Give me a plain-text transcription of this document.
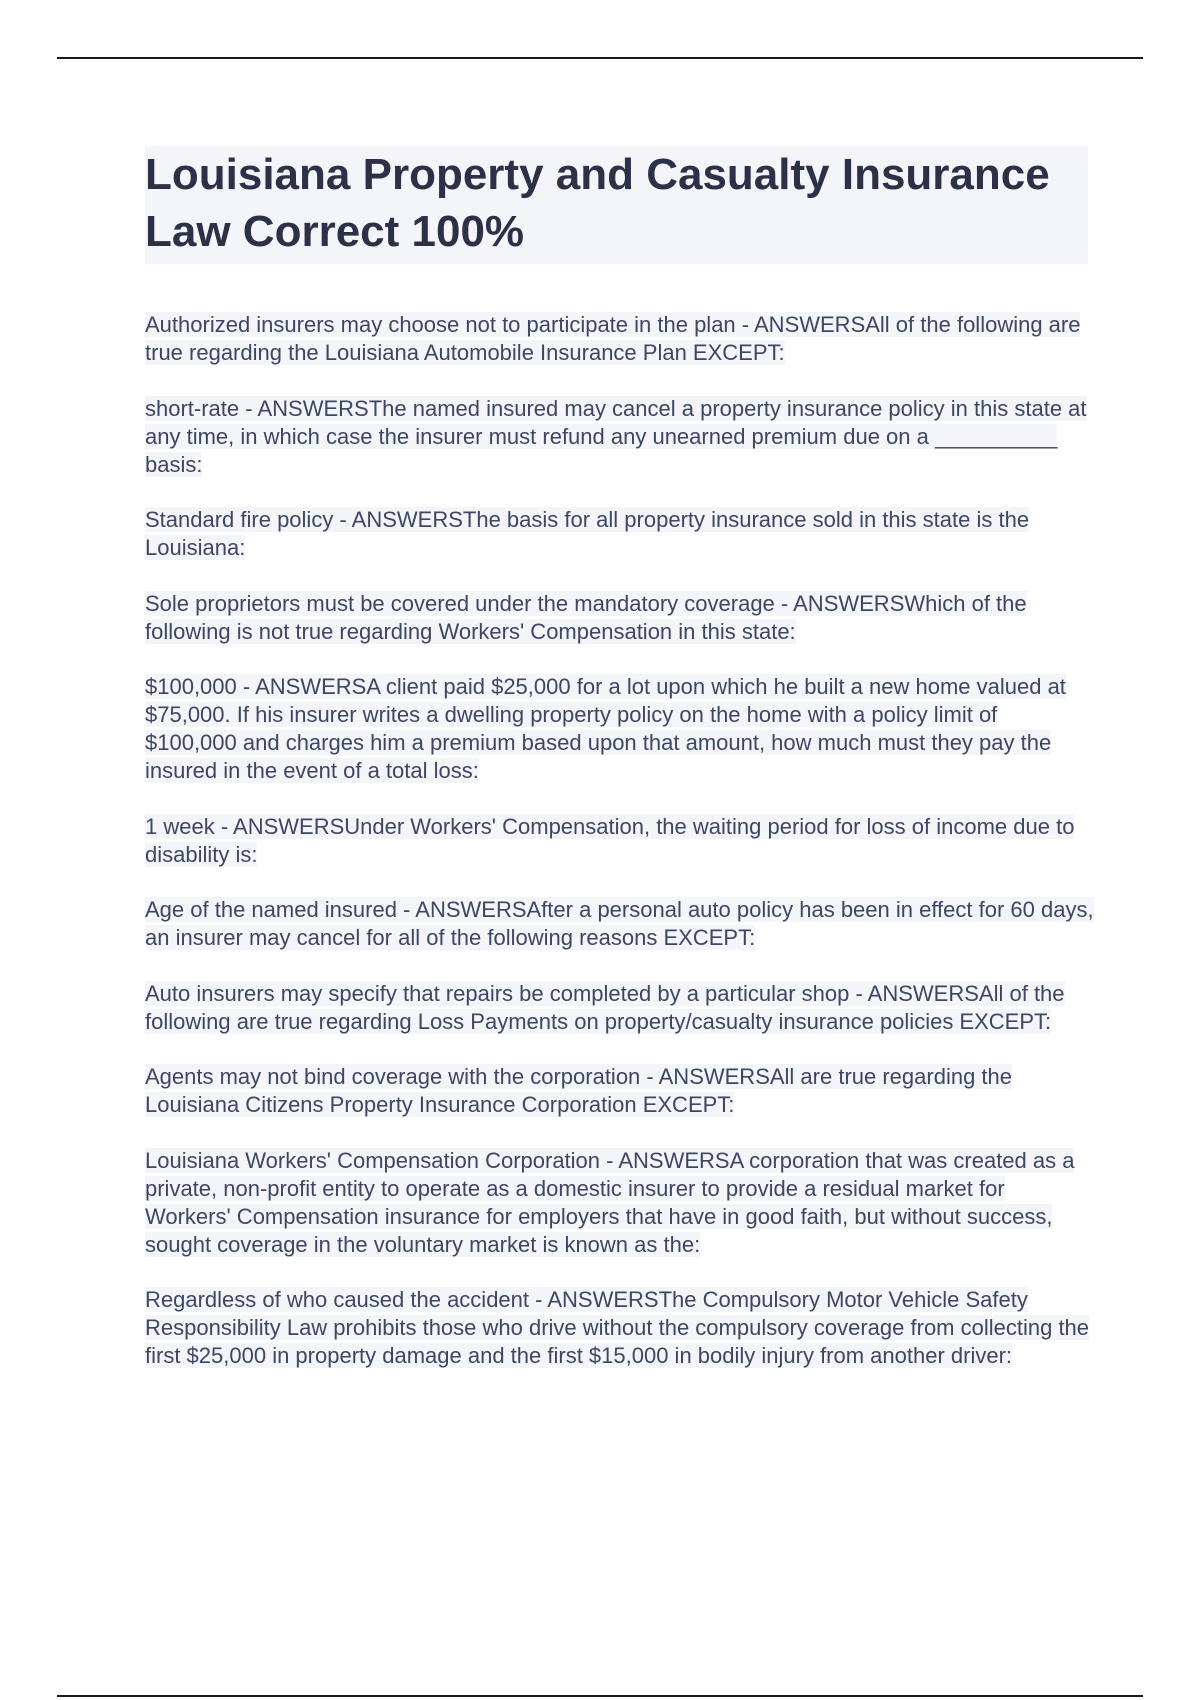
Louisiana Property and Casualty Insurance Law Correct 100%

Authorized insurers may choose not to participate in the plan - ANSWERSAll of the following are true regarding the Louisiana Automobile Insurance Plan EXCEPT:

short-rate - ANSWERSThe named insured may cancel a property insurance policy in this state at any time, in which case the insurer must refund any unearned premium due on a __________ basis:

Standard fire policy - ANSWERSThe basis for all property insurance sold in this state is the Louisiana:

Sole proprietors must be covered under the mandatory coverage - ANSWERSWhich of the following is not true regarding Workers' Compensation in this state:

$100,000 - ANSWERSA client paid $25,000 for a lot upon which he built a new home valued at $75,000. If his insurer writes a dwelling property policy on the home with a policy limit of $100,000 and charges him a premium based upon that amount, how much must they pay the insured in the event of a total loss:

1 week - ANSWERSUnder Workers' Compensation, the waiting period for loss of income due to disability is:

Age of the named insured - ANSWERSAfter a personal auto policy has been in effect for 60 days, an insurer may cancel for all of the following reasons EXCEPT:

Auto insurers may specify that repairs be completed by a particular shop - ANSWERSAll of the following are true regarding Loss Payments on property/casualty insurance policies EXCEPT:

Agents may not bind coverage with the corporation - ANSWERSAll are true regarding the Louisiana Citizens Property Insurance Corporation EXCEPT:

Louisiana Workers' Compensation Corporation - ANSWERSA corporation that was created as a private, non-profit entity to operate as a domestic insurer to provide a residual market for Workers' Compensation insurance for employers that have in good faith, but without success, sought coverage in the voluntary market is known as the:

Regardless of who caused the accident - ANSWERSThe Compulsory Motor Vehicle Safety Responsibility Law prohibits those who drive without the compulsory coverage from collecting the first $25,000 in property damage and the first $15,000 in bodily injury from another driver:
